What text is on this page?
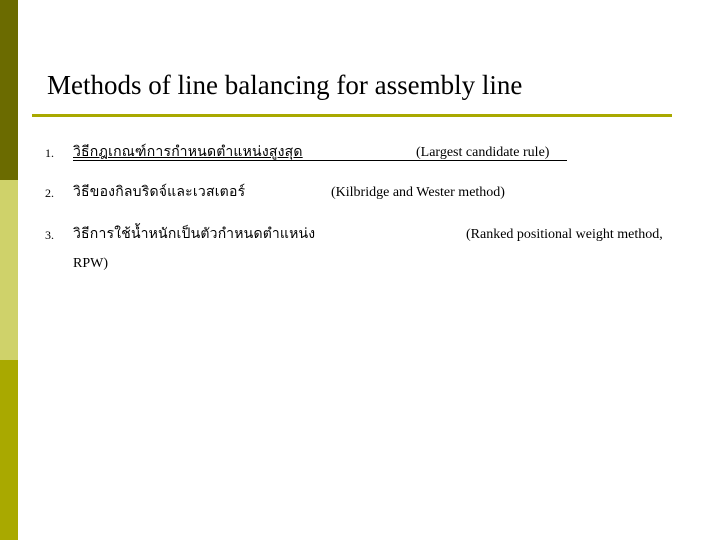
Methods of line balancing for assembly line
1. วิธีกฎเกณฑ์การกำหนดตำแหน่งสูงสุด	(Largest candidate rule)
2. วิธีของกิลบริดจ์และเวสเตอร์	(Kilbridge and Wester method)
3. วิธีการใช้น้ำหนักเป็นตัวกำหนดตำแหน่ง	(Ranked positional weight method,
RPW)
